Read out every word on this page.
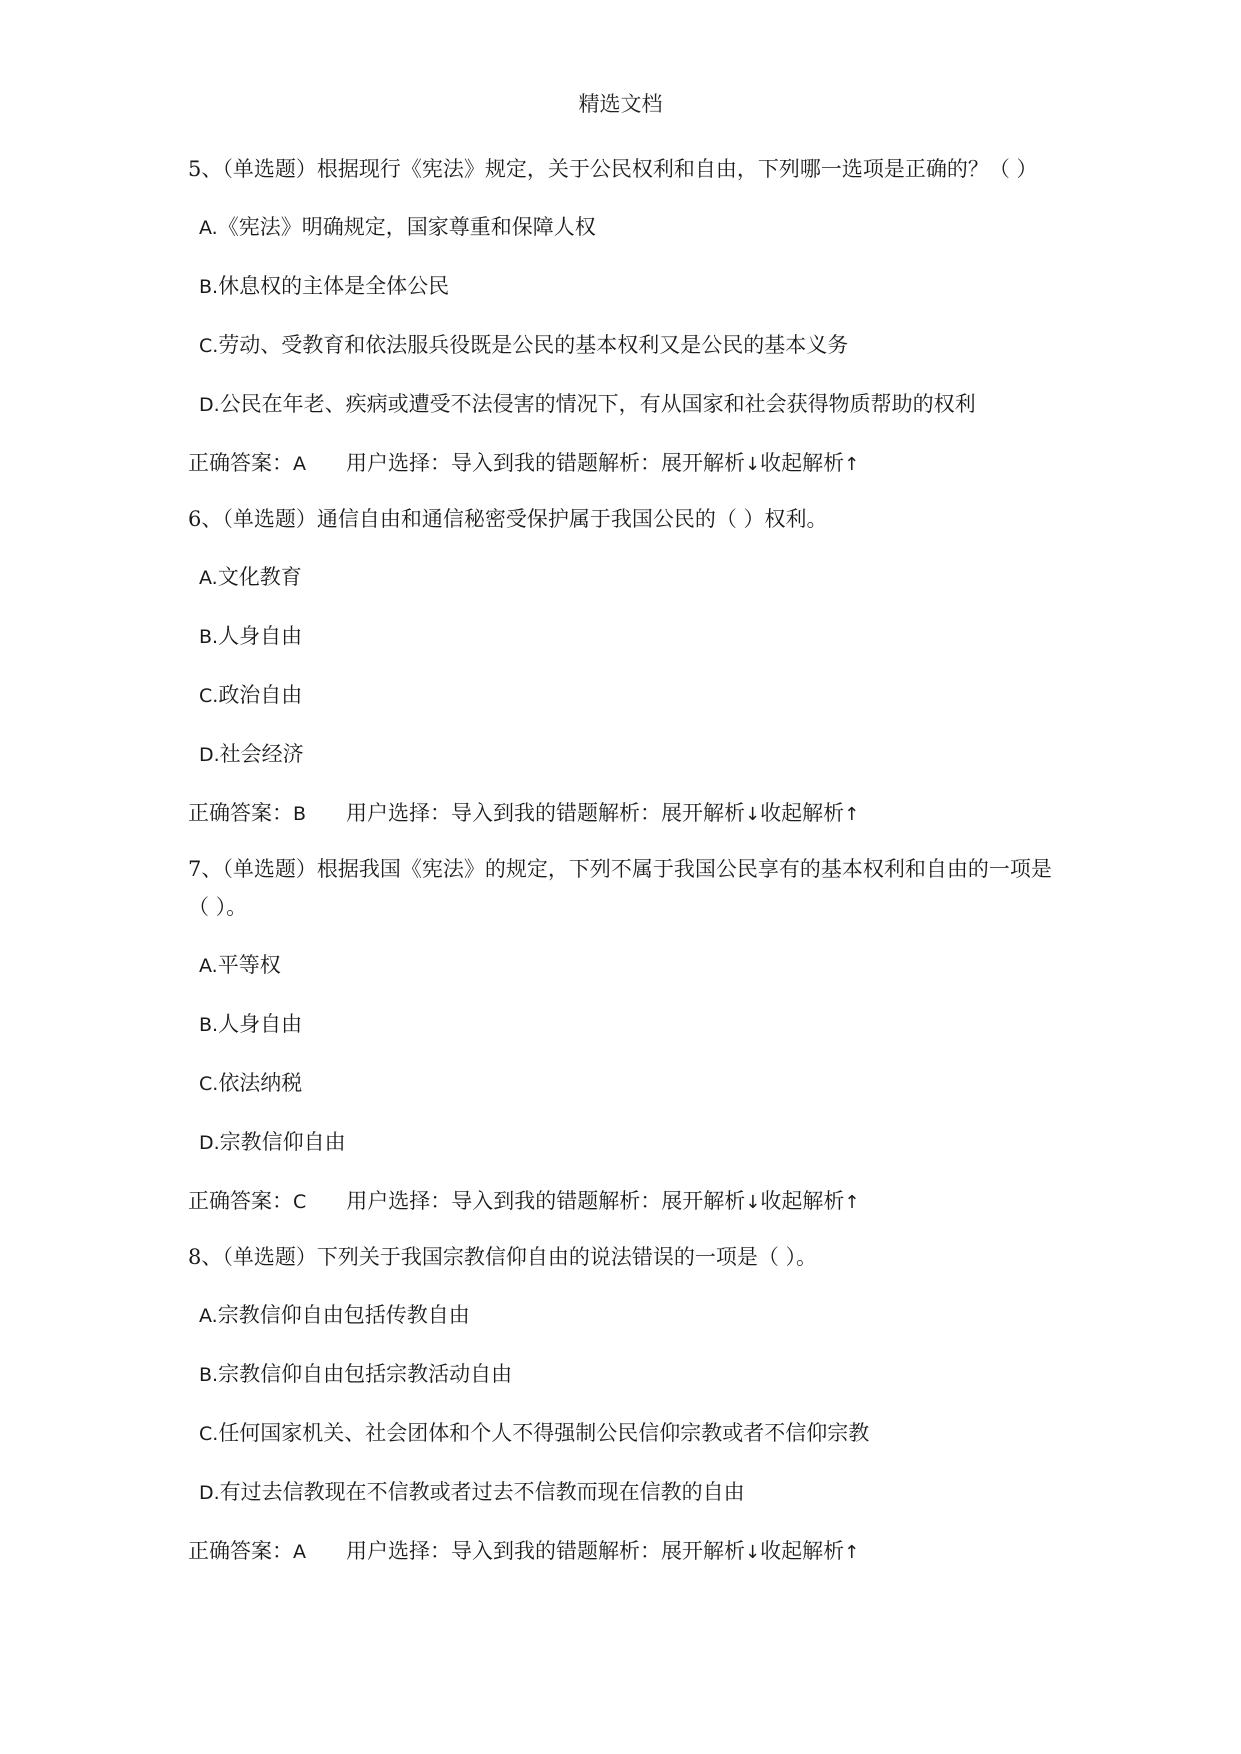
精选文档

5、（单选题）根据现行《宪法》规定，关于公民权利和自由，下列哪一选项是正确的？（ ）

A.《宪法》明确规定，国家尊重和保障人权

B.休息权的主体是全体公民

C.劳动、受教育和依法服兵役既是公民的基本权利又是公民的基本义务

D.公民在年老、疾病或遭受不法侵害的情况下，有从国家和社会获得物质帮助的权利

正确答案：A 用户选择：导入到我的错题解析：展开解析↓收起解析↑

6、（单选题）通信自由和通信秘密受保护属于我国公民的（ ）权利。

A.文化教育

B.人身自由

C.政治自由

D.社会经济

正确答案：B 用户选择：导入到我的错题解析：展开解析↓收起解析↑

7、（单选题）根据我国《宪法》的规定，下列不属于我国公民享有的基本权利和自由的一项是（ ）。

A.平等权

B.人身自由

C.依法纳税

D.宗教信仰自由

正确答案：C 用户选择：导入到我的错题解析：展开解析↓收起解析↑

8、（单选题）下列关于我国宗教信仰自由的说法错误的一项是（ ）。

A.宗教信仰自由包括传教自由

B.宗教信仰自由包括宗教活动自由

C.任何国家机关、社会团体和个人不得强制公民信仰宗教或者不信仰宗教

D.有过去信教现在不信教或者过去不信教而现在信教的自由

正确答案：A 用户选择：导入到我的错题解析：展开解析↓收起解析↑
